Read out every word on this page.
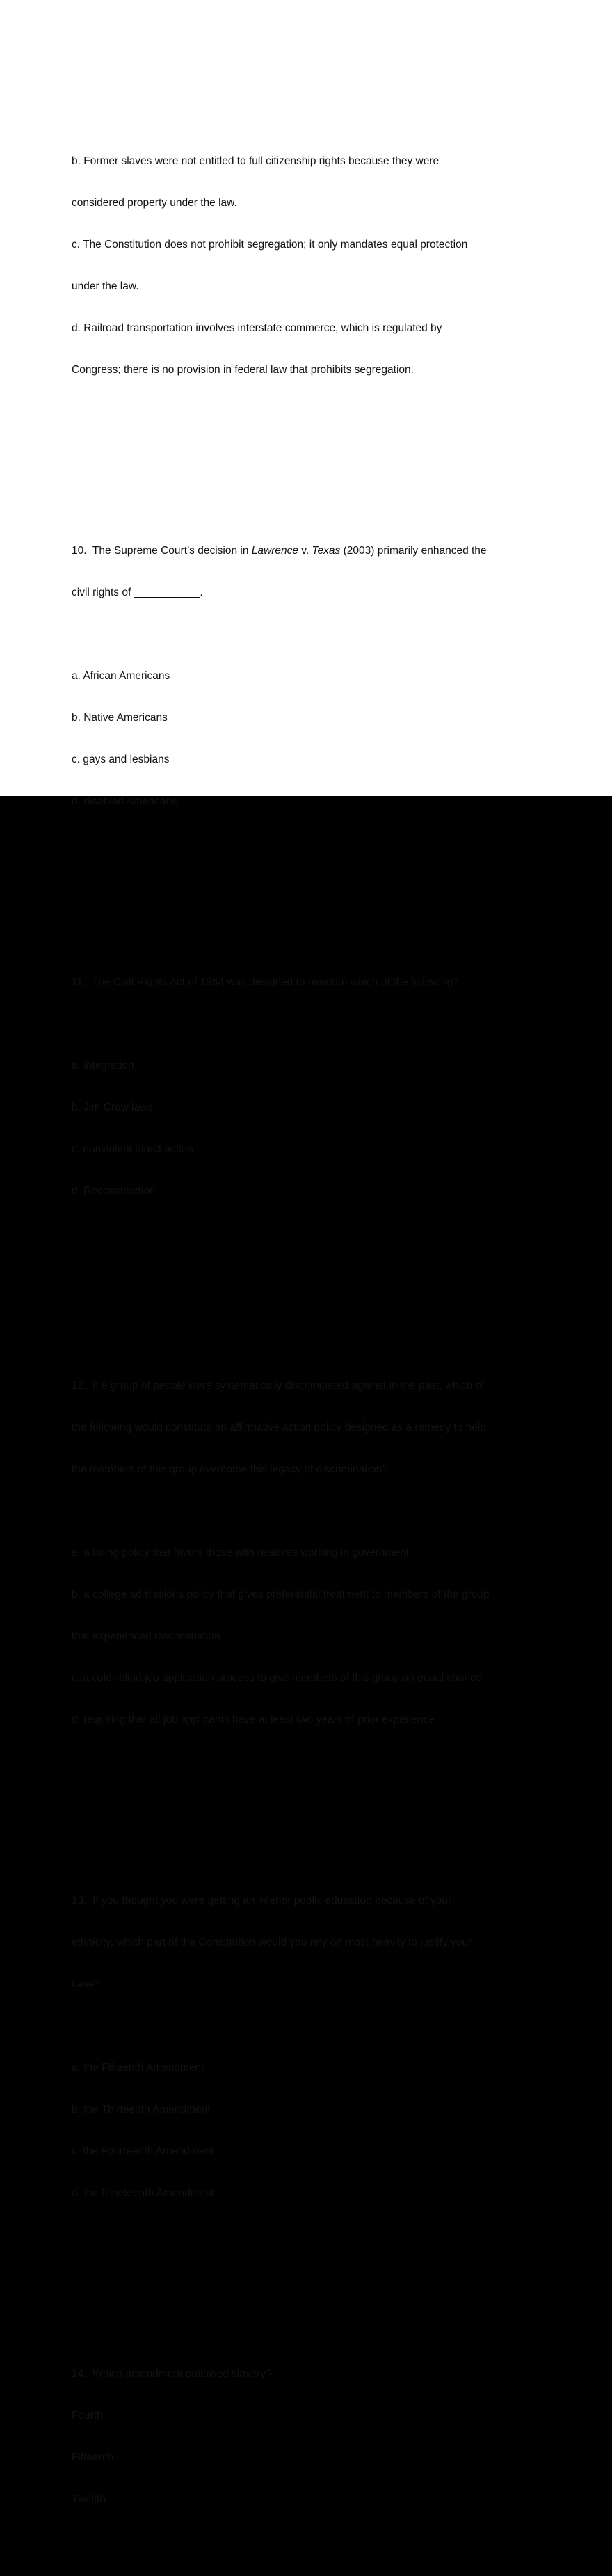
b. Former slaves were not entitled to full citizenship rights because they were

considered property under the law.

c. The Constitution does not prohibit segregation; it only mandates equal protection

under the law.

d. Railroad transportation involves interstate commerce, which is regulated by

Congress; there is no provision in federal law that prohibits segregation.

10.  The Supreme Court’s decision in Lawrence v. Texas (2003) primarily enhanced the

civil rights of ___________.

a. African Americans

b. Native Americans

c. gays and lesbians

d. disabled Americans

11.  The Civil Rights Act of 1964 was designed to overturn which of the following?

a. integration

b. Jim Crow laws

c. nonviolent direct action

d. Reconstruction

12.  If a group of people were systematically discriminated against in the past, which of

the following would constitute an affirmative action policy designed as a remedy to help

the members of this group overcome this legacy of discrimination?

a. a hiring policy that favors those with relatives working in government

b. a college admissions policy that gives preferential treatment to members of the group

that experienced discrimination

c. a color-blind job application process to give members of this group an equal chance

d. requiring that all job applicants have at least two years of prior experience

13.  If you thought you were getting an inferior public education because of your

ethnicity, which part of the Constitution would you rely on most heavily to justify your

case?

a. the Fifteenth Amendment

b. the Thirteenth Amendment

c. the Fourteenth Amendment

d. the Nineteenth Amendment

14.  Which amendment outlawed slavery?

Fourth

Fifteenth

Twelfth
